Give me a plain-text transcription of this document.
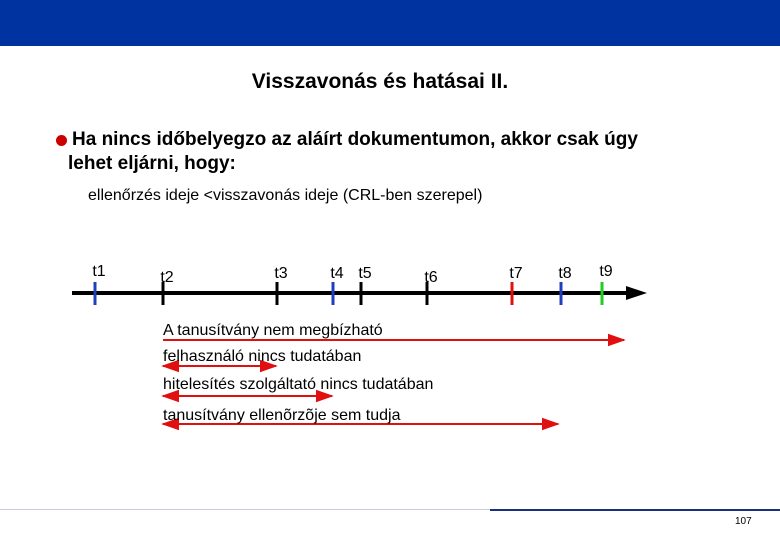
Visszavonás és hatásai II.
Ha nincs időbelyegzo az aláírt dokumentumon, akkor csak úgy
lehet eljárni, hogy:
ellenőrzés ideje <visszavonás ideje (CRL-ben szerepel)
t1	t2	t3	t4 t5	t6	t7 t8 t9
A tanusítvány nem megbízható
felhasználó nincs tudatában
hitelesítés szolgáltató nincs tudatában
tanusítvány ellenõrzõje sem tudja
107
